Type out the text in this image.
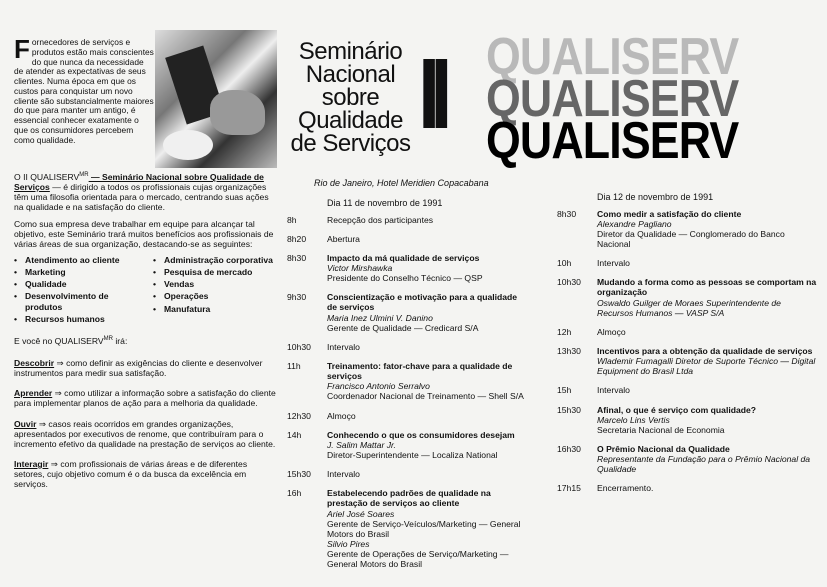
Fornecedores de serviços e produtos estão mais conscientes do que nunca da necessidade de atender as expectativas de seus clientes. Numa época em que os custos para conquistar um novo cliente são substancialmente maiores do que para manter um antigo, é essencial conhecer exatamente o que os consumidores percebem como qualidade.

O II $QUALISERV^{MR}$ — Seminário Nacional sobre Qualidade de Serviços — é dirigido a todos os profissionais cujas organizações têm uma filosofia orientada para o mercado, centrando suas ações na qualidade e na satisfação do cliente.

Como sua empresa deve trabalhar em equipe para alcançar tal objetivo, este Seminário trará muitos benefícios aos profissionais de várias áreas de sua organização, destacando-se as seguintes:

• Atendimento ao cliente
• Marketing
• Qualidade
• Desenvolvimento de produtos
• Recursos humanos
• Administração corporativa
• Pesquisa de mercado
• Vendas
• Operações
• Manufatura

E você no $QUALISERV^{MR}$ irá:

Descobrir ⇒ como definir as exigências do cliente e desenvolver instrumentos para medir sua satisfação.

Aprender ⇒ como utilizar a informação sobre a satisfação do cliente para implementar planos de ação para a melhoria da qualidade.

Ouvir ⇒ casos reais ocorridos em grandes organizações, apresentados por executivos de renome, que contribuíram para o incremento efetivo da qualidade na prestação de serviços ao cliente.

Interagir ⇒ com profissionais de várias áreas e de diferentes setores, cujo objetivo comum é o da busca da excelência em serviços.

Seminário
Nacional
sobre
Qualidade
de Serviços II QUALISERV
QUALISERV
QUALISERV
Rio de Janeiro, Hotel Meridien Copacabana
Dia 11 de novembro de 1991
8h	Recepção dos participantes
8h20	Abertura
8h30	Impacto da má qualidade de serviços
Victor Mirshawka
Presidente do Conselho Técnico — QSP
9h30	Conscientização e motivação para a qualidade de serviços
Maria Inez Ulmini V. Danino
Gerente de Qualidade — Credicard S/A
10h30	Intervalo
11h	Treinamento: fator-chave para a qualidade de serviços
Francisco Antonio Serralvo
Coordenador Nacional de Treinamento — Shell S/A
12h30	Almoço
14h	Conhecendo o que os consumidores desejam
J. Salim Mattar Jr.
Diretor-Superintendente — Localiza National
15h30	Intervalo
16h	Estabelecendo padrões de qualidade na prestação de serviços ao cliente
Ariel José Soares
Gerente de Serviço-Veículos/Marketing — General Motors do Brasil
Silvio Pires
Gerente de Operações de Serviço/Marketing — General Motors do Brasil
Dia 12 de novembro de 1991
8h30	Como medir a satisfação do cliente
Alexandre Pagliano
Diretor da Qualidade — Conglomerado do Banco Nacional
10h	Intervalo
10h30	Mudando a forma como as pessoas se comportam na organização
Oswaldo Guilger de Moraes Superintendente de Recursos Humanos — VASP S/A
12h	Almoço
13h30	Incentivos para a obtenção da qualidade de serviços
Wlademir Fumagalli Diretor de Suporte Técnico — Digital Equipment do Brasil Ltda
15h	Intervalo
15h30	Afinal, o que é serviço com qualidade?
Marcelo Lins Vertis
Secretaria Nacional de Economia
16h30	O Prêmio Nacional da Qualidade
Representante da Fundação para o Prêmio Nacional da Qualidade
17h15	Encerramento.
